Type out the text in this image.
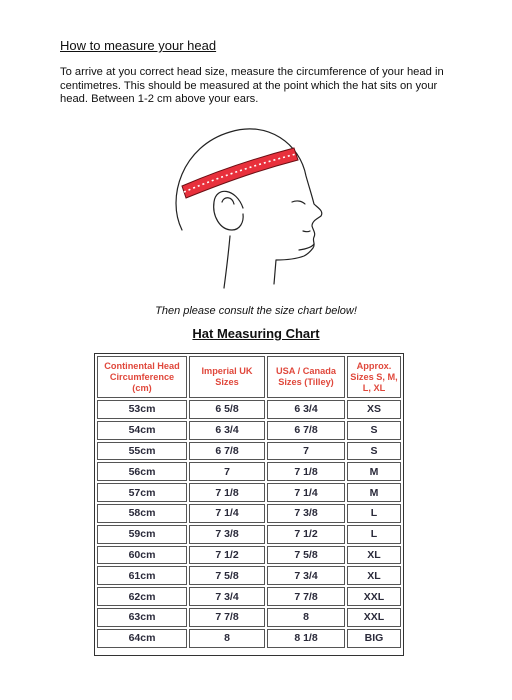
How to measure your head

To arrive at you correct head size, measure the circumference of your head in centimetres. This should be measured at the point which the hat sits on your head. Between 1-2 cm above your ears.

Then please consult the size chart below!

Hat Measuring Chart
Continental Head Circumference (cm)	Imperial UK Sizes	USA / Canada Sizes (Tilley)	Approx. Sizes S, M, L, XL
53cm	6 5/8	6 3/4	XS
54cm	6 3/4	6 7/8	S
55cm	6 7/8	7	S
56cm	7	7 1/8	M
57cm	7 1/8	7 1/4	M
58cm	7 1/4	7 3/8	L
59cm	7 3/8	7 1/2	L
60cm	7 1/2	7 5/8	XL
61cm	7 5/8	7 3/4	XL
62cm	7 3/4	7 7/8	XXL
63cm	7 7/8	8	XXL
64cm	8	8 1/8	BIG
